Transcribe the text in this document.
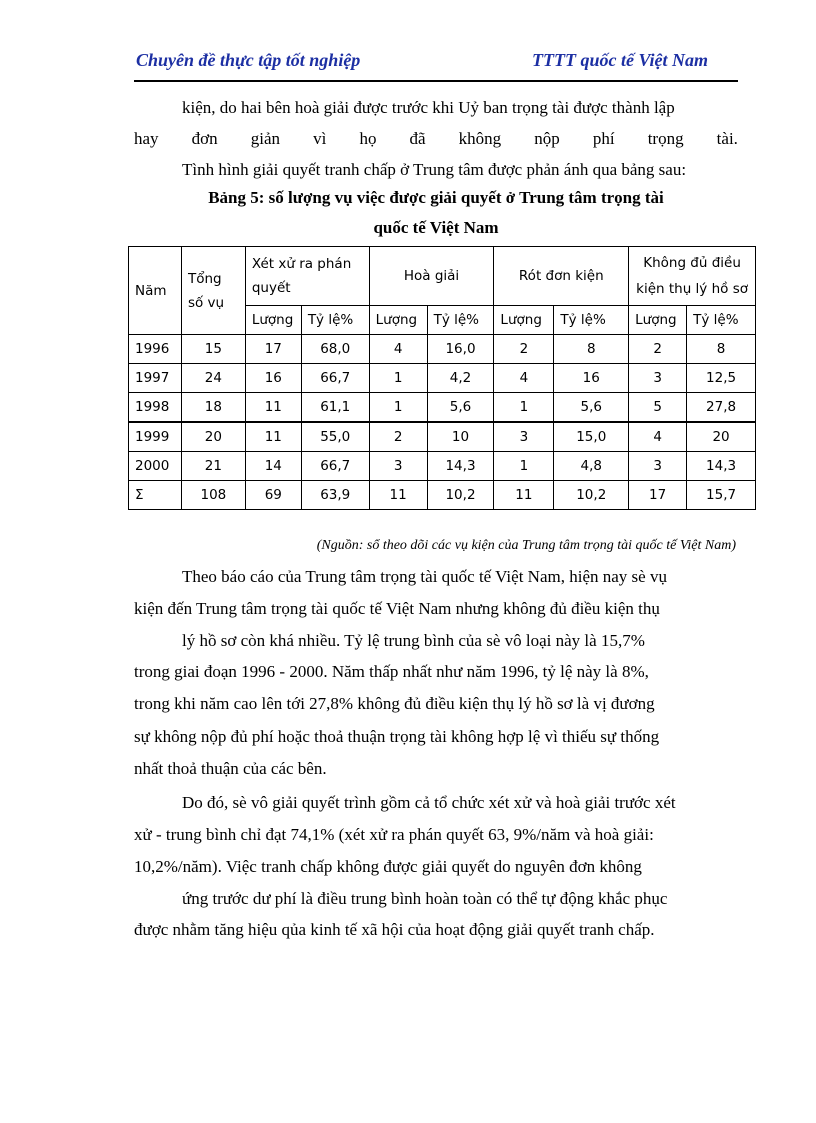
Chuyên đề thực tập tốt nghiệp	TTTT quốc tế Việt Nam
kiện, do hai bên hoà giải được trước khi Uỷ ban trọng tài được thành lập
hay đơn giản vì họ đã không nộp phí trọng tài.
Tình hình giải quyết tranh chấp ở Trung tâm được phản ánh qua bảng sau:
Bảng 5: số lượng vụ việc được giải quyết ở Trung tâm trọng tài
quốc tế Việt Nam
Năm	Tổng số vụ	Xét xử ra phán quyết		Hoà giải		Rót đơn kiện		Không đủ điều kiện thụ lý hồ sơ	
		Lượng	Tỷ lệ%	Lượng	Tỷ lệ%	Lượng	Tỷ lệ%	Lượng	Tỷ lệ%
1996	15	17	68,0	4	16,0	2	8	2	8
1997	24	16	66,7	1	4,2	4	16	3	12,5
1998	18	11	61,1	1	5,6	1	5,6	5	27,8
1999	20	11	55,0	2	10	3	15,0	4	20
2000	21	14	66,7	3	14,3	1	4,8	3	14,3
Σ	108	69	63,9	11	10,2	11	10,2	17	15,7
(Nguồn: sổ theo dõi các vụ kiện của Trung tâm trọng tài quốc tế Việt Nam)
Theo báo cáo của Trung tâm trọng tài quốc tế Việt Nam, hiện nay sè vụ
kiện đến Trung tâm trọng tài quốc tế Việt Nam nhưng không đủ điều kiện thụ
lý hồ sơ còn khá nhiều. Tỷ lệ trung bình của sè vô loại này là 15,7%
trong giai đoạn 1996 - 2000. Năm thấp nhất như năm 1996, tỷ lệ này là 8%,
trong khi năm cao lên tới 27,8% không đủ điều kiện thụ lý hồ sơ là vị đương
sự không nộp đủ phí hoặc thoả thuận trọng tài không hợp lệ vì thiếu sự thống
nhất thoả thuận của các bên.
Do đó, sè vô giải quyết trình gồm cả tổ chức xét xử và hoà giải trước xét
xử - trung bình chỉ đạt 74,1% (xét xử ra phán quyết 63, 9%/năm và hoà giải:
10,2%/năm). Việc tranh chấp không được giải quyết do nguyên đơn không
ứng trước dư phí là điều trung bình hoàn toàn có thể tự động khắc phục
được nhằm tăng hiệu qủa kinh tế xã hội của hoạt động giải quyết tranh chấp.
